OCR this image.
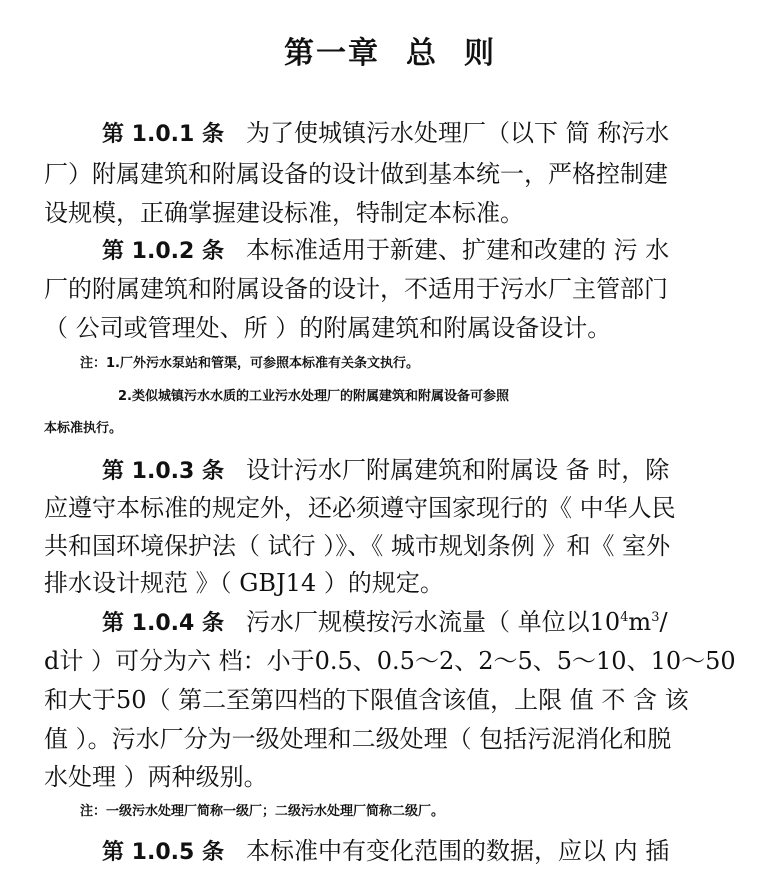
第一章 总 则
第 1.0.1 条 为了使城镇污水处理厂（以下 简 称污水
厂）附属建筑和附属设备的设计做到基本统一，严格控制建
设规模，正确掌握建设标准，特制定本标准。
第 1.0.2 条 本标准适用于新建、扩建和改建的 污 水
厂的附属建筑和附属设备的设计，不适用于污水厂主管部门
（ 公司或管理处、所 ）的附属建筑和附属设备设计。
注：1.厂外污水泵站和管渠，可参照本标准有关条文执行。
2.类似城镇污水水质的工业污水处理厂的附属建筑和附属设备可参照
本标准执行。
第 1.0.3 条 设计污水厂附属建筑和附属设 备 时，除
应遵守本标准的规定外，还必须遵守国家现行的《 中华人民
共和国环境保护法（ 试行 ）》、《 城市规划条例 》和《 室外
排水设计规范 》（ GBJ14 ）的规定。
第 1.0.4 条 污水厂规模按污水流量（ 单位以$10^4m^3/$
d计 ）可分为六 档：小于0.5、0.5～2、2～5、5～10、10～50
和大于50（ 第二至第四档的下限值含该值，上限 值 不 含 该
值 ）。污水厂分为一级处理和二级处理（ 包括污泥消化和脱
水处理 ）两种级别。
注：一级污水处理厂简称一级厂；二级污水处理厂简称二级厂。
第 1.0.5 条 本标准中有变化范围的数据，应以 内 插
